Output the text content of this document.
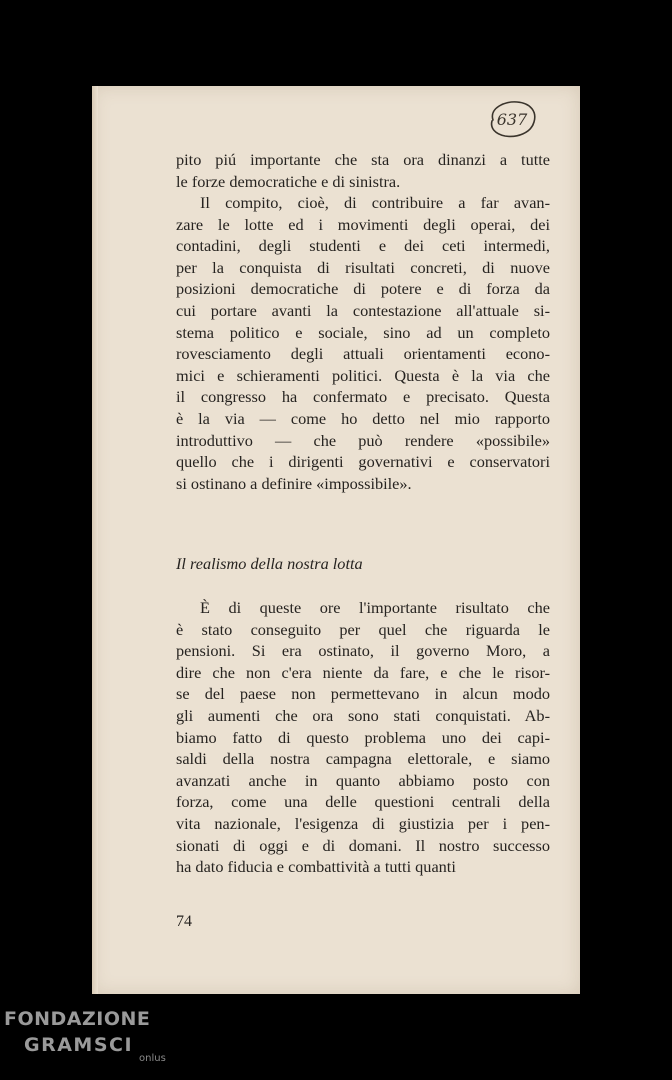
637

pito piú importante che sta ora dinanzi a tutte
le forze democratiche e di sinistra.

Il compito, cioè, di contribuire a far avan-
zare le lotte ed i movimenti degli operai, dei
contadini, degli studenti e dei ceti intermedi,
per la conquista di risultati concreti, di nuove
posizioni democratiche di potere e di forza da
cui portare avanti la contestazione all'attuale si-
stema politico e sociale, sino ad un completo
rovesciamento degli attuali orientamenti econo-
mici e schieramenti politici. Questa è la via che
il congresso ha confermato e precisato. Questa
è la via — come ho detto nel mio rapporto
introduttivo — che può rendere «possibile»
quello che i dirigenti governativi e conservatori
si ostinano a definire «impossibile».

Il realismo della nostra lotta

È di queste ore l'importante risultato che
è stato conseguito per quel che riguarda le
pensioni. Si era ostinato, il governo Moro, a
dire che non c'era niente da fare, e che le risor-
se del paese non permettevano in alcun modo
gli aumenti che ora sono stati conquistati. Ab-
biamo fatto di questo problema uno dei capi-
saldi della nostra campagna elettorale, e siamo
avanzati anche in quanto abbiamo posto con
forza, come una delle questioni centrali della
vita nazionale, l'esigenza di giustizia per i pen-
sionati di oggi e di domani. Il nostro successo
ha dato fiducia e combattività a tutti quanti

74
FONDAZIONE
GRAMSCI
onlus
